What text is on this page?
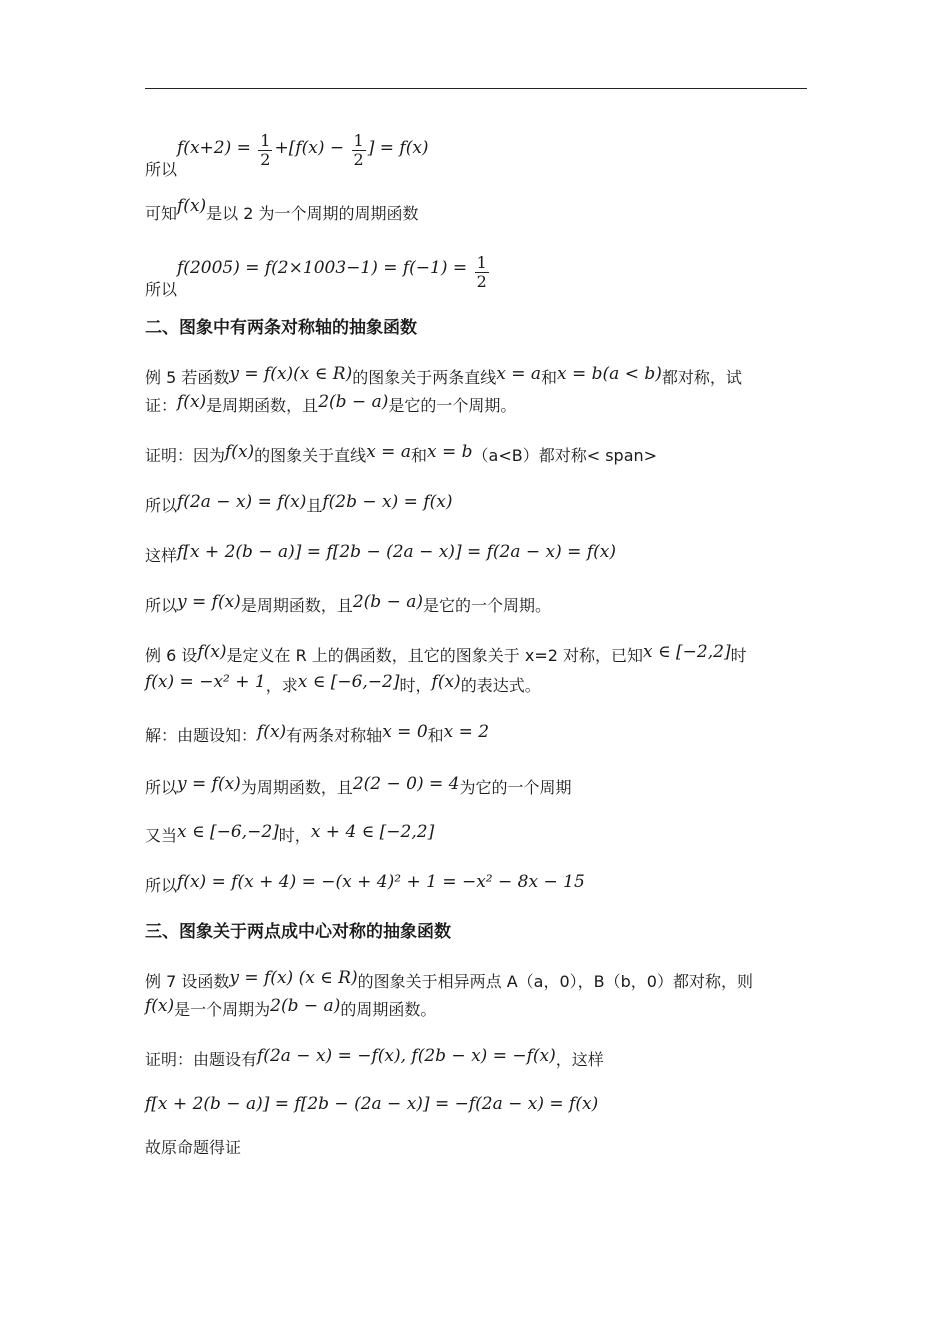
所以$f(x+2) = \frac{1}{2} +[f(x) - \frac{1}{2}$ ] = f(x)
可知f(x)是以 2 为一个周期的周期函数
所以$f(2005) = f(2\times 1003-1) = f(-1) = \frac{1}{2}$
二、图象中有两条对称轴的抽象函数
例 5 若函数y = f(x)(x ∈ R)的图象关于两条直线x = a和x = b(a < b)都对称，试
证：f(x)是周期函数，且2(b − a)是它的一个周期。
证明：因为f(x)的图象关于直线x = a和x = b（a<B）都对称< span>
所以f(2a − x) = f(x)且f(2b − x) = f(x)
这样f[x + 2(b − a)] = f[2b − (2a − x)] = f(2a − x) = f(x)
所以y = f(x)是周期函数，且2(b − a)是它的一个周期。
例 6 设f(x)是定义在 R 上的偶函数，且它的图象关于 x=2 对称，已知x ∈ [−2,2]时
f(x) = −x² + 1，求x ∈ [−6,−2]时，f(x)的表达式。
解：由题设知：f(x)有两条对称轴x = 0和x = 2
所以y = f(x)为周期函数，且2(2 − 0) = 4为它的一个周期
又当x ∈ [−6,−2]时，x + 4 ∈ [−2,2]
所以f(x) = f(x + 4) = −(x + 4)² + 1 = −x² − 8x − 15
三、图象关于两点成中心对称的抽象函数
例 7 设函数y = f(x) (x ∈ R)的图象关于相异两点 A（a，0），B（b，0）都对称，则
f(x)是一个周期为2(b − a)的周期函数。
证明：由题设有f(2a − x) = −f(x), f(2b − x) = −f(x)，这样
f[x + 2(b − a)] = f[2b − (2a − x)] = −f(2a − x) = f(x)
故原命题得证
